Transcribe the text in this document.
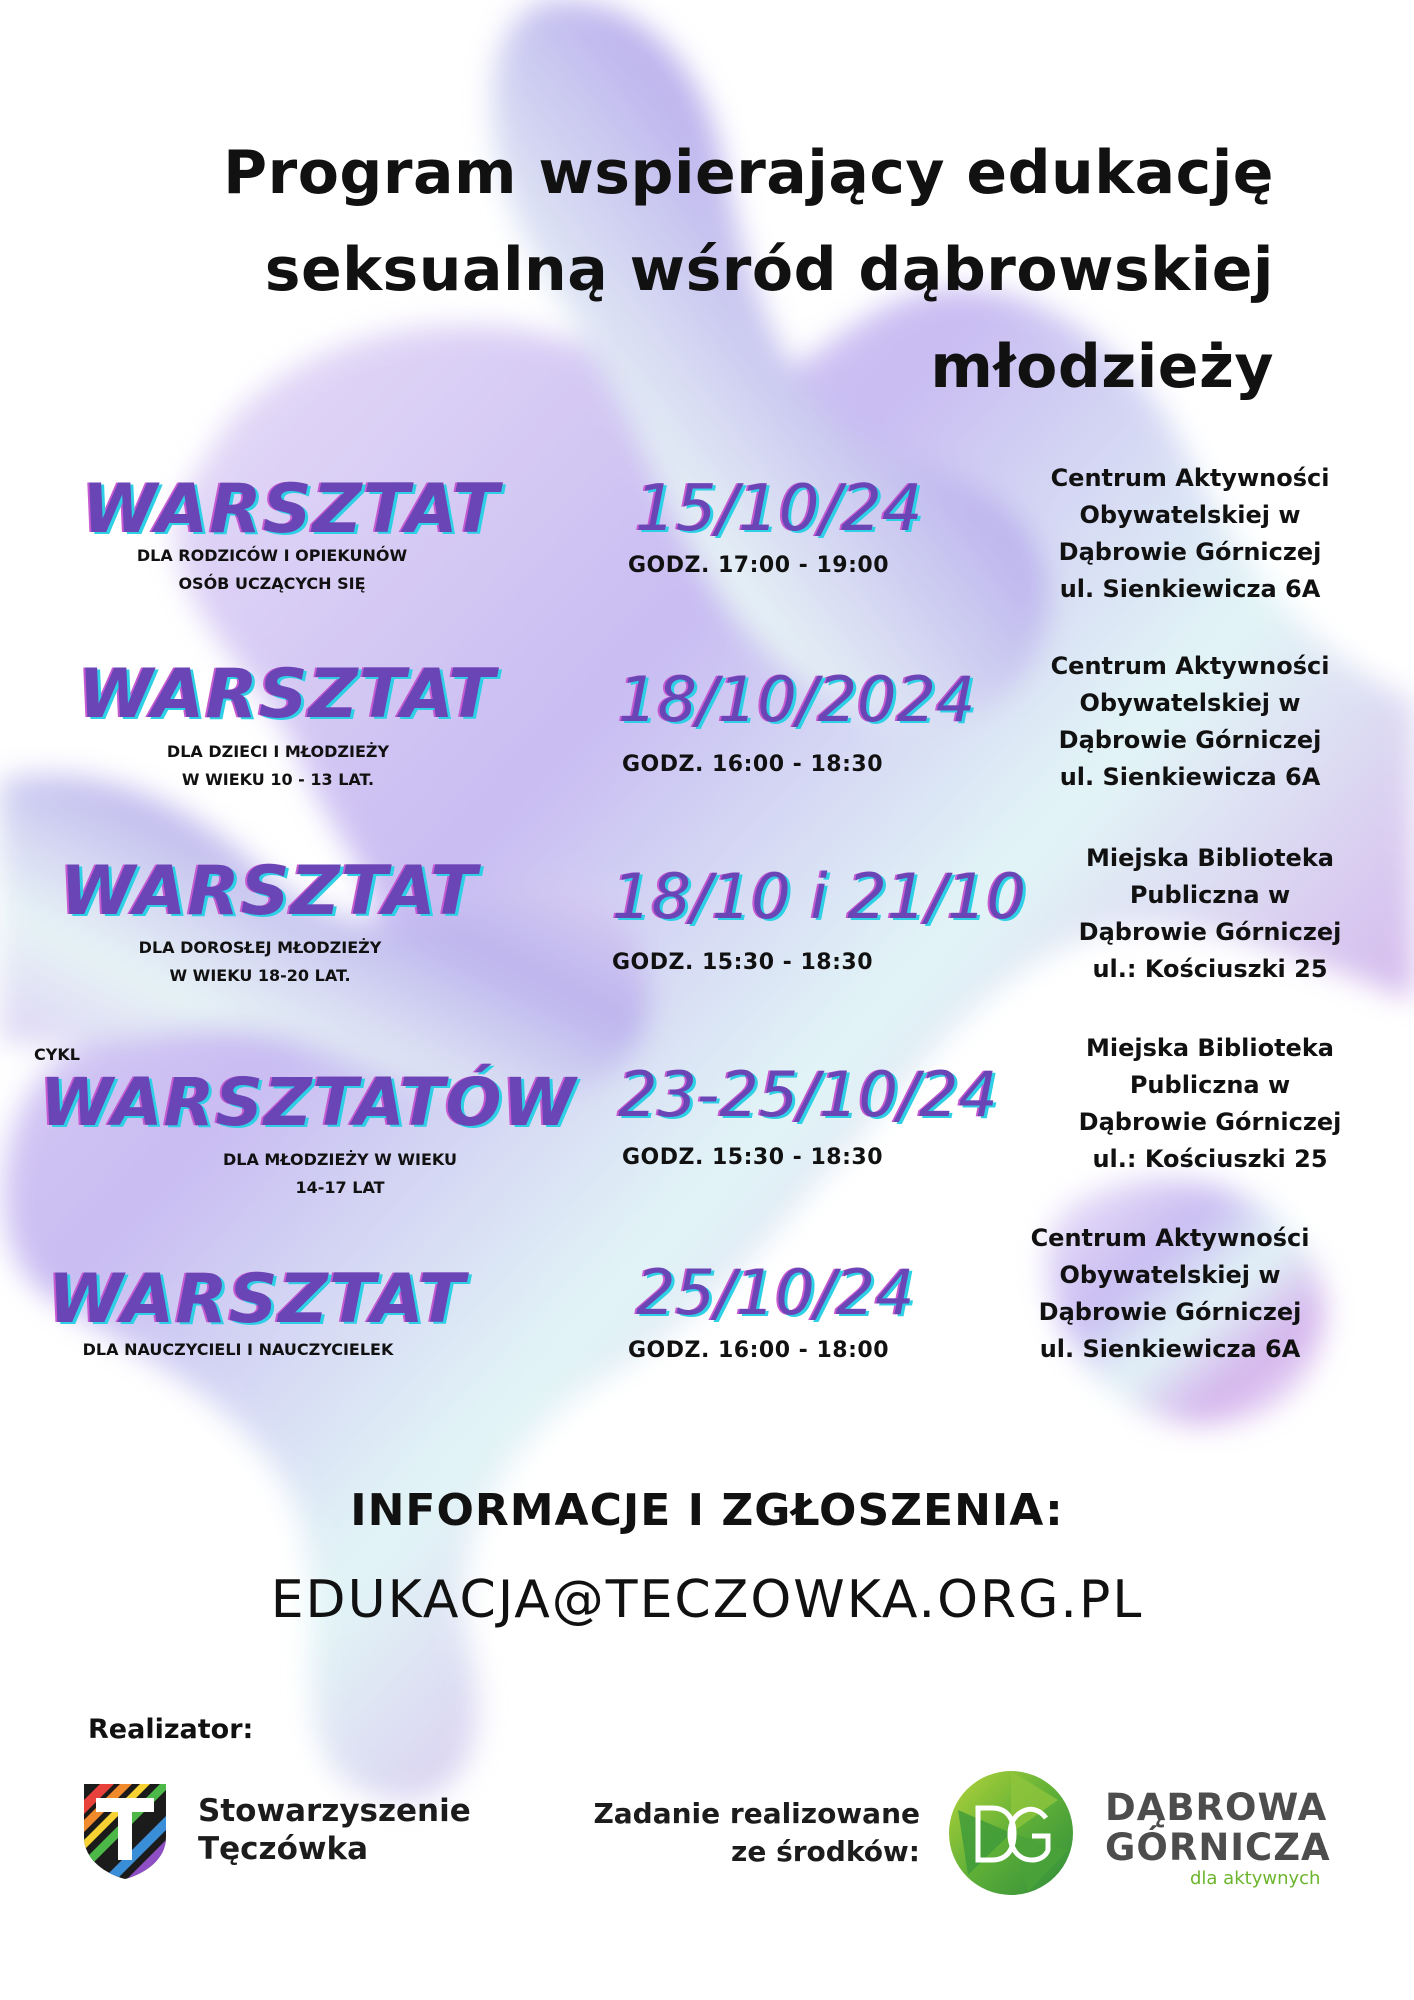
Program wspierający edukację
seksualną wśród dąbrowskiej
młodzieży
WARSZTAT
DLA RODZICÓW I OPIEKUNÓW
OSÓB UCZĄCYCH SIĘ
15/10/24
GODZ. 17:00 - 19:00
Centrum Aktywności
Obywatelskiej w
Dąbrowie Górniczej
ul. Sienkiewicza 6A
WARSZTAT
DLA DZIECI I MŁODZIEŻY
W WIEKU 10 - 13 LAT.
18/10/2024
GODZ. 16:00 - 18:30
Centrum Aktywności
Obywatelskiej w
Dąbrowie Górniczej
ul. Sienkiewicza 6A
WARSZTAT
DLA DOROSŁEJ MŁODZIEŻY
W WIEKU 18-20 LAT.
18/10 i 21/10
GODZ. 15:30 - 18:30
Miejska Biblioteka
Publiczna w
Dąbrowie Górniczej
ul.: Kościuszki 25
CYKL
WARSZTATÓW
DLA MŁODZIEŻY W WIEKU
14-17 LAT
23-25/10/24
GODZ. 15:30 - 18:30
Miejska Biblioteka
Publiczna w
Dąbrowie Górniczej
ul.: Kościuszki 25
WARSZTAT
DLA NAUCZYCIELI I NAUCZYCIELEK
25/10/24
GODZ. 16:00 - 18:00
Centrum Aktywności
Obywatelskiej w
Dąbrowie Górniczej
ul. Sienkiewicza 6A
INFORMACJE I ZGŁOSZENIA:
EDUKACJA@TECZOWKA.ORG.PL
Realizator:
Stowarzyszenie
Tęczówka
Zadanie realizowane
ze środków:
DĄBROWA
GÓRNICZA
dla aktywnych
